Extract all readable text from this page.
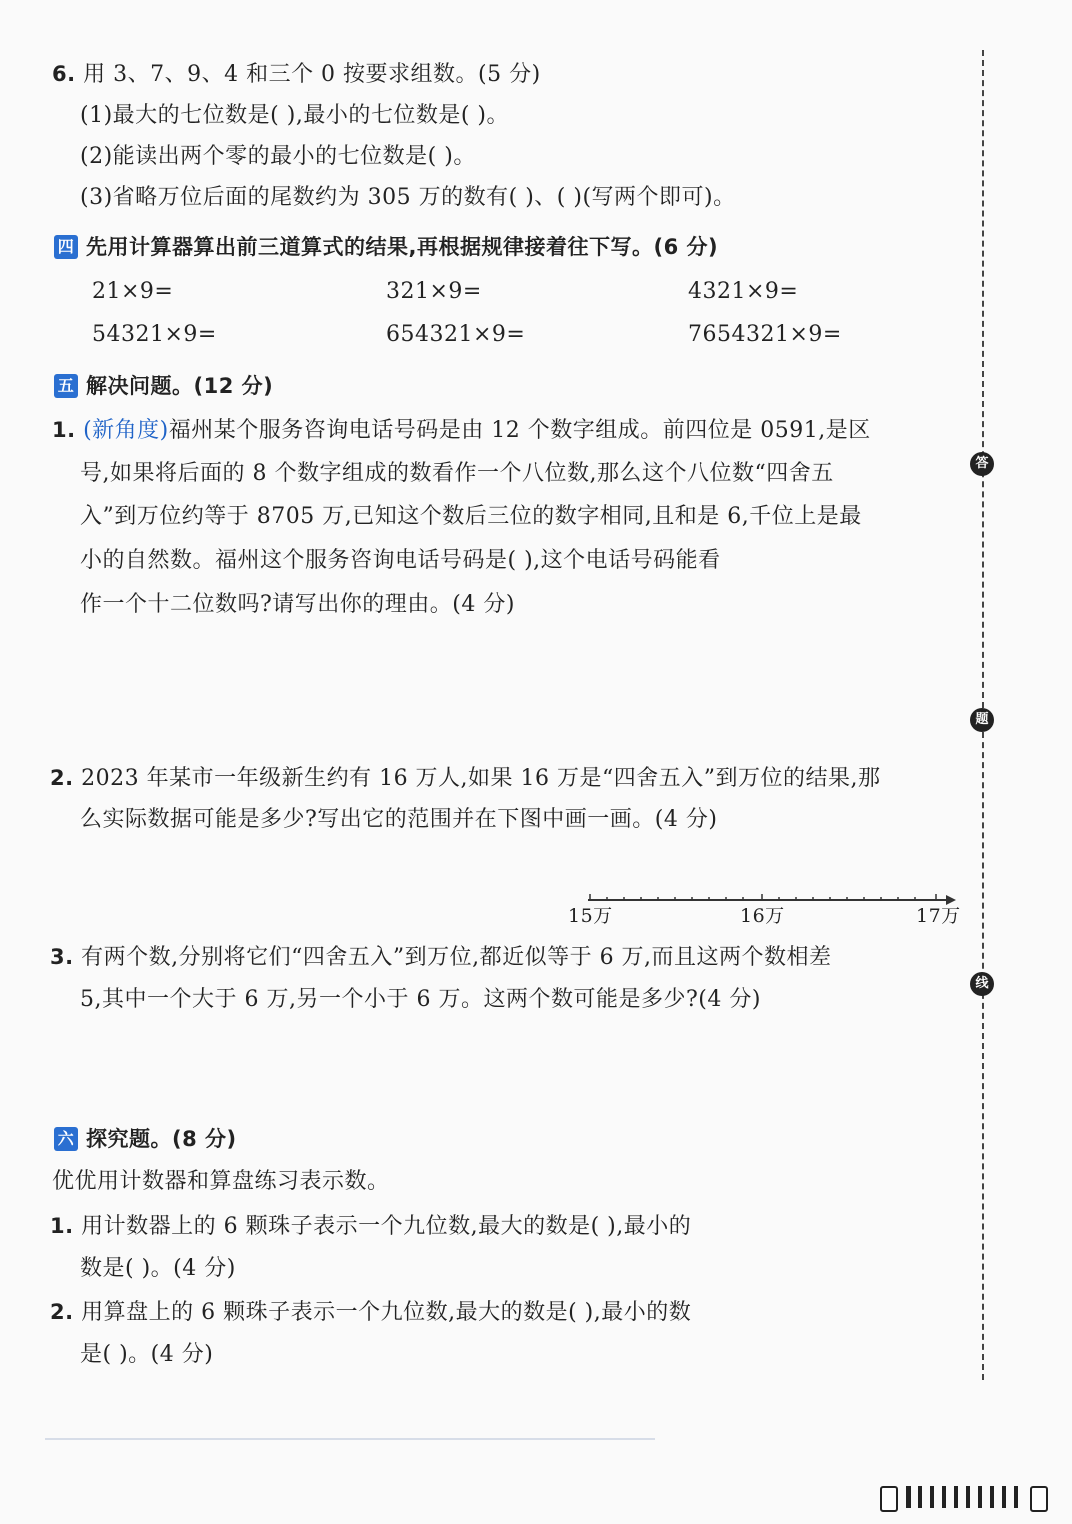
6. 用 3、7、9、4 和三个 0 按要求组数。(5 分)
(1)最大的七位数是( ),最小的七位数是( )。
(2)能读出两个零的最小的七位数是( )。
(3)省略万位后面的尾数约为 305 万的数有( )、( )(写两个即可)。
四 先用计算器算出前三道算式的结果,再根据规律接着往下写。(6 分)
21×9=	321×9=	4321×9=
54321×9=	654321×9=	7654321×9=
五 解决问题。(12 分)
1. (新角度)福州某个服务咨询电话号码是由 12 个数字组成。前四位是 0591,是区
号,如果将后面的 8 个数字组成的数看作一个八位数,那么这个八位数“四舍五
入”到万位约等于 8705 万,已知这个数后三位的数字相同,且和是 6,千位上是最
小的自然数。福州这个服务咨询电话号码是( ),这个电话号码能看
作一个十二位数吗?请写出你的理由。(4 分)
2. 2023 年某市一年级新生约有 16 万人,如果 16 万是“四舍五入”到万位的结果,那
么实际数据可能是多少?写出它的范围并在下图中画一画。(4 分)
15万	16万	17万
3. 有两个数,分别将它们“四舍五入”到万位,都近似等于 6 万,而且这两个数相差
5,其中一个大于 6 万,另一个小于 6 万。这两个数可能是多少?(4 分)
六 探究题。(8 分)
优优用计数器和算盘练习表示数。
1. 用计数器上的 6 颗珠子表示一个九位数,最大的数是( ),最小的
数是( )。(4 分)
2. 用算盘上的 6 颗珠子表示一个九位数,最大的数是( ),最小的数
是( )。(4 分)
答
题
线
